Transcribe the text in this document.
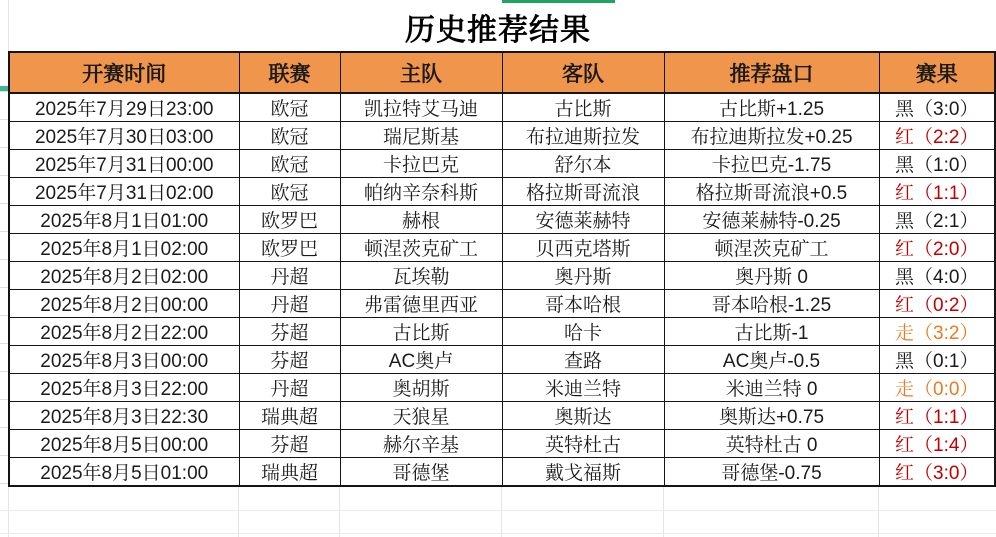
历史推荐结果
开赛时间	联赛	主队	客队	推荐盘口	赛果
2025年7月29日23:00	欧冠	凯拉特艾马迪	古比斯	古比斯+1.25	黑（3:0）
2025年7月30日03:00	欧冠	瑞尼斯基	布拉迪斯拉发	布拉迪斯拉发+0.25	红（2:2）
2025年7月31日00:00	欧冠	卡拉巴克	舒尔本	卡拉巴克-1.75	黑（1:0）
2025年7月31日02:00	欧冠	帕纳辛奈科斯	格拉斯哥流浪	格拉斯哥流浪+0.5	红（1:1）
2025年8月1日01:00	欧罗巴	赫根	安德莱赫特	安德莱赫特-0.25	黑（2:1）
2025年8月1日02:00	欧罗巴	顿涅茨克矿工	贝西克塔斯	顿涅茨克矿工	红（2:0）
2025年8月2日02:00	丹超	瓦埃勒	奥丹斯	奥丹斯 0	黑（4:0）
2025年8月2日00:00	丹超	弗雷德里西亚	哥本哈根	哥本哈根-1.25	红（0:2）
2025年8月2日22:00	芬超	古比斯	哈卡	古比斯-1	走（3:2）
2025年8月3日00:00	芬超	AC奥卢	查路	AC奥卢-0.5	黑（0:1）
2025年8月3日22:00	丹超	奥胡斯	米迪兰特	米迪兰特 0	走（0:0）
2025年8月3日22:30	瑞典超	天狼星	奥斯达	奥斯达+0.75	红（1:1）
2025年8月5日00:00	芬超	赫尔辛基	英特杜古	英特杜古 0	红（1:4）
2025年8月5日01:00	瑞典超	哥德堡	戴戈福斯	哥德堡-0.75	红（3:0）
